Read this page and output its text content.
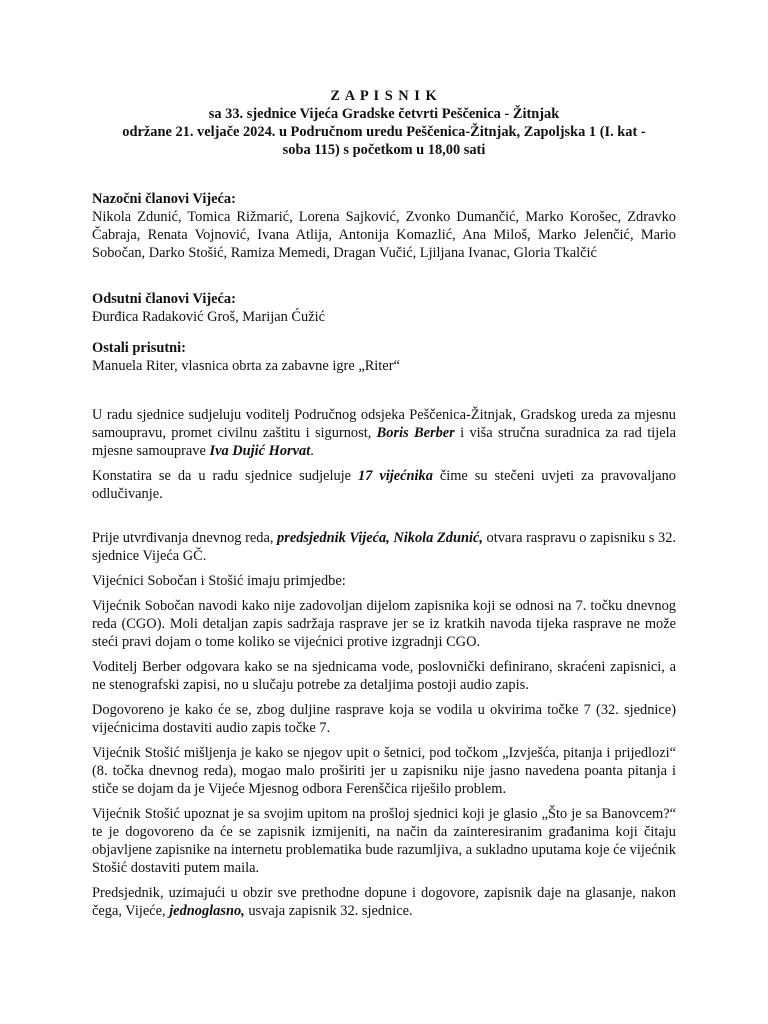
Z A P I S N I K
sa 33. sjednice Vijeća Gradske četvrti Peščenica - Žitnjak
održane 21. veljače 2024. u Područnom uredu Peščenica-Žitnjak, Zapoljska 1 (I. kat -
soba 115) s početkom u 18,00 sati
Nazočni članovi Vijeća:
Nikola Zdunić, Tomica Rižmarić, Lorena Sajković, Zvonko Dumančić, Marko Korošec, Zdravko Čabraja, Renata Vojnović, Ivana Atlija, Antonija Komazlić, Ana Miloš, Marko Jelenčić, Mario Sobočan, Darko Stošić, Ramiza Memedi, Dragan Vučić, Ljiljana Ivanac, Gloria Tkalčić
Odsutni članovi Vijeća:
Đurđica Radaković Groš, Marijan Ćužić
Ostali prisutni:
Manuela Riter, vlasnica obrta za zabavne igre „Riter“

U radu sjednice sudjeluju voditelj Područnog odsjeka Peščenica-Žitnjak, Gradskog ureda za mjesnu samoupravu, promet civilnu zaštitu i sigurnost, Boris Berber i viša stručna suradnica za rad tijela mjesne samouprave Iva Dujić Horvat.

Konstatira se da u radu sjednice sudjeluje 17 vijećnika čime su stečeni uvjeti za pravovaljano odlučivanje.

Prije utvrđivanja dnevnog reda, predsjednik Vijeća, Nikola Zdunić, otvara raspravu o zapisniku s 32. sjednice Vijeća GČ.

Vijećnici Sobočan i Stošić imaju primjedbe:

Vijećnik Sobočan navodi kako nije zadovoljan dijelom zapisnika koji se odnosi na 7. točku dnevnog reda (CGO). Moli detaljan zapis sadržaja rasprave jer se iz kratkih navoda tijeka rasprave ne može steći pravi dojam o tome koliko se vijećnici protive izgradnji CGO.

Voditelj Berber odgovara kako se na sjednicama vode, poslovnički definirano, skraćeni zapisnici, a ne stenografski zapisi, no u slučaju potrebe za detaljima postoji audio zapis.

Dogovoreno je kako će se, zbog duljine rasprave koja se vodila u okvirima točke 7 (32. sjednice) vijećnicima dostaviti audio zapis točke 7.

Vijećnik Stošić mišljenja je kako se njegov upit o šetnici, pod točkom „Izvješća, pitanja i prijedlozi“ (8. točka dnevnog reda), mogao malo proširiti jer u zapisniku nije jasno navedena poanta pitanja i stiče se dojam da je Vijeće Mjesnog odbora Ferenščica riješilo problem.

Vijećnik Stošić upoznat je sa svojim upitom na prošloj sjednici koji je glasio „Što je sa Banovcem?“ te je dogovoreno da će se zapisnik izmijeniti, na način da zainteresiranim građanima koji čitaju objavljene zapisnike na internetu problematika bude razumljiva, a sukladno uputama koje će vijećnik Stošić dostaviti putem maila.

Predsjednik, uzimajući u obzir sve prethodne dopune i dogovore, zapisnik daje na glasanje, nakon čega, Vijeće, jednoglasno, usvaja zapisnik 32. sjednice.
